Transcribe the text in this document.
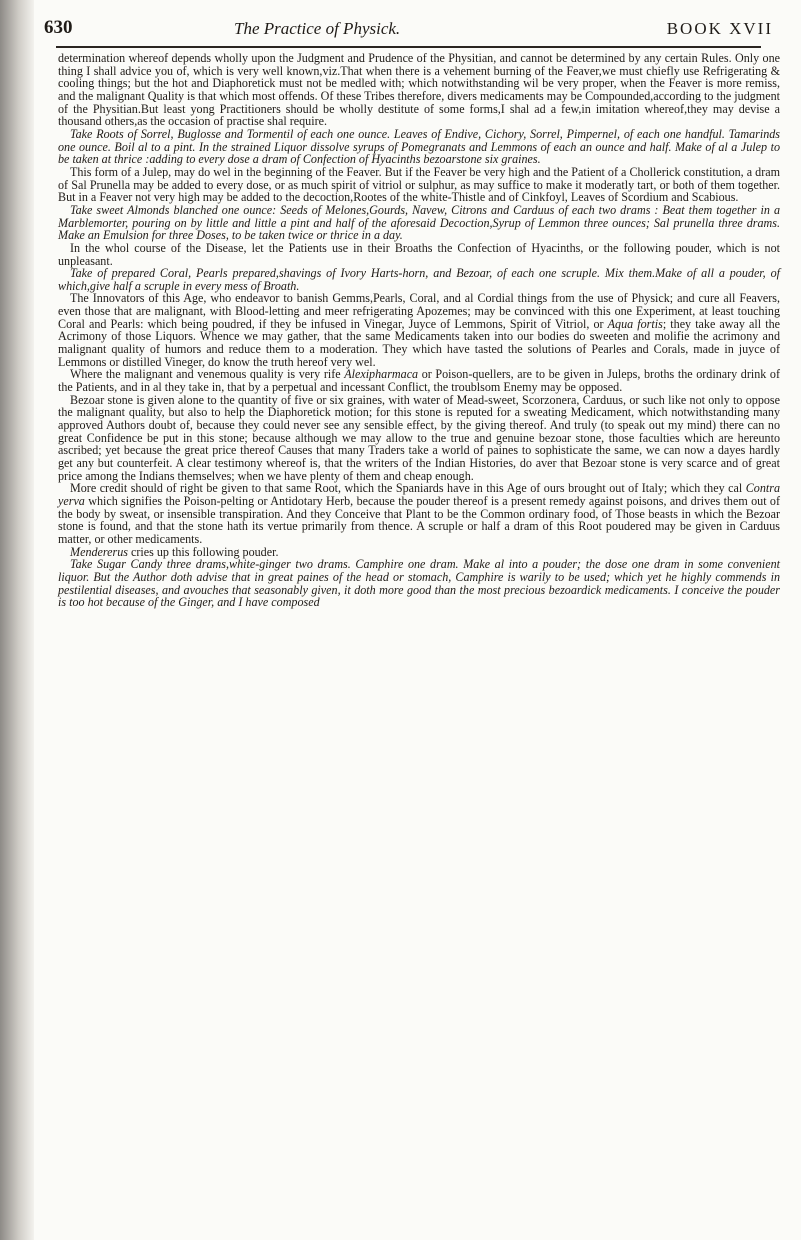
630	The Practice of Physick.	BOOK XVII

determination whereof depends wholly upon the Judgment and Prudence of the Physitian, and cannot be determined by any certain Rules. Only one thing I shall advice you of, which is very well known,viz.That when there is a vehement burning of the Feaver,we must chiefly use Refrigerating & cooling things; but the hot and Diaphoretick must not be medled with; which notwithstanding wil be very proper, when the Feaver is more remiss, and the malignant Quality is that which most offends. Of these Tribes therefore, divers medicaments may be Compounded,according to the judgment of the Physitian.But least yong Practitioners should be wholly destitute of some forms,I shal ad a few,in imitation whereof,they may devise a thousand others,as the occasion of practise shal require.

Take Roots of Sorrel, Buglosse and Tormentil of each one ounce. Leaves of Endive, Cichory, Sorrel, Pimpernel, of each one handful. Tamarinds one ounce. Boil al to a pint. In the strained Liquor dissolve syrups of Pomegranats and Lemmons of each an ounce and half. Make of al a Julep to be taken at thrice :adding to every dose a dram of Confection of Hyacinths bezoarstone six graines.

This form of a Julep, may do wel in the beginning of the Feaver. But if the Feaver be very high and the Patient of a Chollerick constitution, a dram of Sal Prunella may be added to every dose, or as much spirit of vitriol or sulphur, as may suffice to make it moderatly tart, or both of them together. But in a Feaver not very high may be added to the decoction,Rootes of the white-Thistle and of Cinkfoyl, Leaves of Scordium and Scabious.

Take sweet Almonds blanched one ounce: Seeds of Melones,Gourds, Navew, Citrons and Carduus of each two drams : Beat them together in a Marblemorter, pouring on by little and little a pint and half of the aforesaid Decoction,Syrup of Lemmon three ounces; Sal prunella three drams. Make an Emulsion for three Doses, to be taken twice or thrice in a day.

In the whol course of the Disease, let the Patients use in their Broaths the Confection of Hyacinths, or the following pouder, which is not unpleasant.

Take of prepared Coral, Pearls prepared,shavings of Ivory Harts-horn, and Bezoar, of each one scruple. Mix them.Make of all a pouder, of which,give half a scruple in every mess of Broath.

The Innovators of this Age, who endeavor to banish Gemms,Pearls, Coral, and al Cordial things from the use of Physick; and cure all Feavers, even those that are malignant, with Blood-letting and meer refrigerating Apozemes; may be convinced with this one Experiment, at least touching Coral and Pearls: which being poudred, if they be infused in Vinegar, Juyce of Lemmons, Spirit of Vitriol, or Aqua fortis; they take away all the Acrimony of those Liquors. Whence we may gather, that the same Medicaments taken into our bodies do sweeten and molifie the acrimony and malignant quality of humors and reduce them to a moderation. They which have tasted the solutions of Pearles and Corals, made in juyce of Lemmons or distilled Vineger, do know the truth hereof very wel.

Where the malignant and venemous quality is very rife Alexipharmaca or Poison-quellers, are to be given in Juleps, broths the ordinary drink of the Patients, and in al they take in, that by a perpetual and incessant Conflict, the troublsom Enemy may be opposed.

Bezoar stone is given alone to the quantity of five or six graines, with water of Mead-sweet, Scorzonera, Carduus, or such like not only to oppose the malignant quality, but also to help the Diaphoretick motion; for this stone is reputed for a sweating Medicament, which notwithstanding many approved Authors doubt of, because they could never see any sensible effect, by the giving thereof. And truly (to speak out my mind) there can no great Confidence be put in this stone; because although we may allow to the true and genuine bezoar stone, those faculties which are hereunto ascribed; yet because the great price thereof Causes that many Traders take a world of paines to sophisticate the same, we can now a dayes hardly get any but counterfeit. A clear testimony whereof is, that the writers of the Indian Histories, do aver that Bezoar stone is very scarce and of great price among the Indians themselves; when we have plenty of them and cheap enough.

More credit should of right be given to that same Root, which the Spaniards have in this Age of ours brought out of Italy; which they cal Contra yerva which signifies the Poison-pelting or Antidotary Herb, because the pouder thereof is a present remedy against poisons, and drives them out of the body by sweat, or insensible transpiration. And they Conceive that Plant to be the Common ordinary food, of Those beasts in which the Bezoar stone is found, and that the stone hath its vertue primarily from thence. A scruple or half a dram of this Root poudered may be given in Carduus matter, or other medicaments.

Mendererus cries up this following pouder.

Take Sugar Candy three drams,white-ginger two drams. Camphire one dram. Make al into a pouder; the dose one dram in some convenient liquor. But the Author doth advise that in great paines of the head or stomach, Camphire is warily to be used; which yet he highly commends in pestilential diseases, and avouches that seasonably given, it doth more good than the most precious bezoardick medicaments. I conceive the pouder is too hot because of the Ginger, and I have composed
